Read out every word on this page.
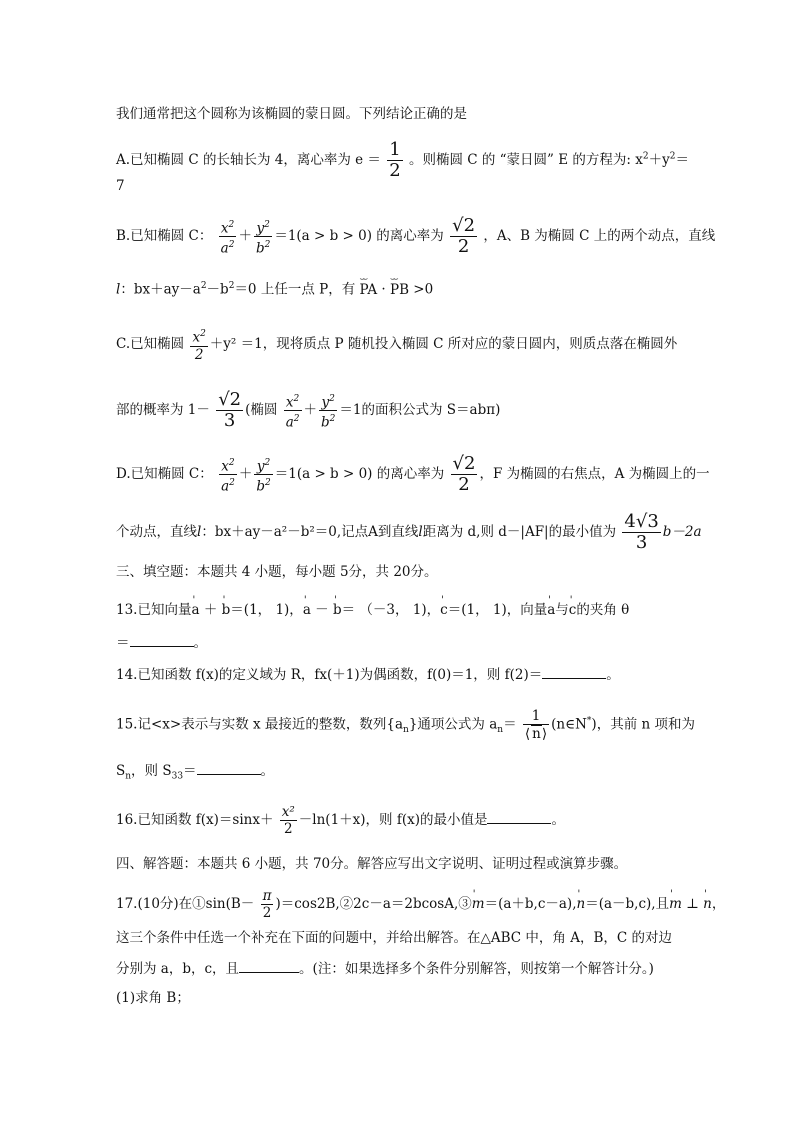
我们通常把这个圆称为该椭圆的蒙日圆。下列结论正确的是
A.已知椭圆 C 的长轴长为 4，离心率为 $e = \frac{1}{2}$ 。则椭圆 C 的 “蒙日圆” E 的方程为: $x^2+y^2=$
7
B.已知椭圆 C： $\frac{x^2}{a^2} + \frac{y^2}{b^2} =1(a > b > 0)$ 的离心率为 $\frac{√2}{2}$ ，A、B 为椭圆 C 上的两个动点，直线
l：$bx+ay-a^2-b^2=0$ 上任一点 P，有 ⌣⌣ PA · ⌣⌣ PB >0
C.已知椭圆 $\frac{x^2}{2} +y^2 =1$，现将质点 P 随机投入椭圆 C 所对应的蒙日圆内，则质点落在椭圆外
部的概率为 $1- \frac{√2}{3}$ (椭圆 $\frac{x^2}{a^2} + \frac{y^2}{b^2} =1$的面积公式为 S＝abπ)
D.已知椭圆 C： $\frac{x^2}{a^2} + \frac{y^2}{b^2} =1(a > b > 0)$ 的离心率为 $\frac{√2}{2}$ ，F 为椭圆的右焦点，A 为椭圆上的一
个动点，直线l：bx＋ay－a²－b²＝0,记点A到直线l距离为 d,则 d－|AF|的最小值为 $\frac{4√3}{3} b-2a$
三、填空题：本题共 4 小题，每小题 5分，共 20分。
13.已知向量' a ＋ ' b＝(1， 1)，' a － ' b＝ （－3， 1)，' c＝(1， 1)，向量' a与' c的夹角 θ
＝	。
14.已知函数 f(x)的定义域为 R，fx(＋1)为偶函数，f(0)＝1，则 f(2)＝	。
15.记<x>表示与实数 x 最接近的整数，数列$\{a_n\}$通项公式为 $a_n= \frac{1}{⟨ n⟩}$ (n∈N*)，其前 n 项和为
$S_n$，则 $S_{33}=$	。
16.已知函数 $f(x)=\sin x+ \frac{\text{x²}}{2} -\ln(1+x)$，则 f(x)的最小值是	。
四、解答题：本题共 6 小题，共 70分。解答应写出文字说明、证明过程或演算步骤。
17.(10分)在①sin(B－ $\frac{\pi}{2}$ )＝cos2B,②2c－a＝2bcosA,③' m＝(a＋b,c－a),' n＝(a－b,c),且' m ⊥ ' n，
这三个条件中任选一个补充在下面的问题中，并给出解答。在△ABC 中，角 A，B，C 的对边
分别为 a，b，c，且	。(注：如果选择多个条件分别解答，则按第一个解答计分。)
(1)求角 B；
